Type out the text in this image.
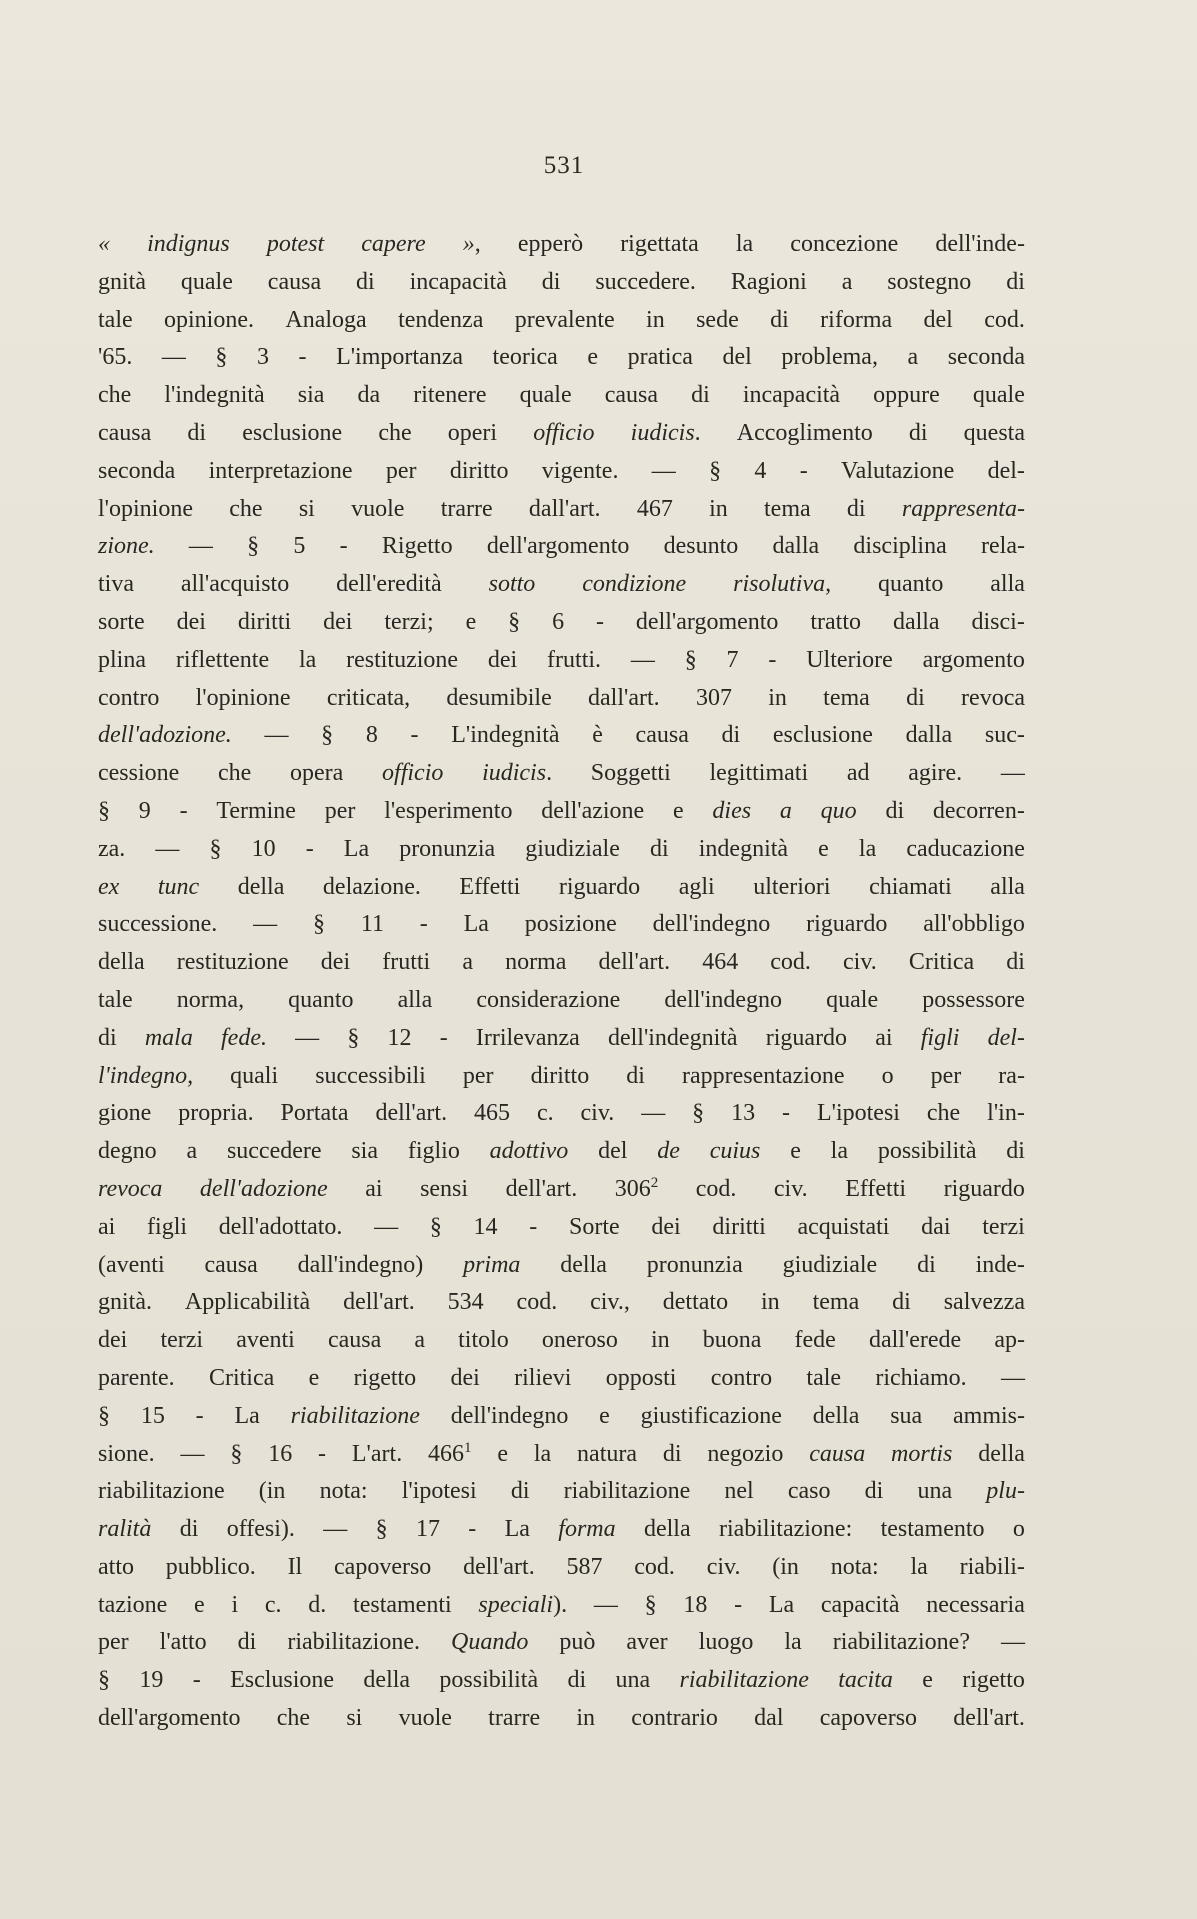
531
« indignus potest capere », epperò rigettata la concezione dell'inde-
gnità quale causa di incapacità di succedere. Ragioni a sostegno di
tale opinione. Analoga tendenza prevalente in sede di riforma del cod.
'65. — § 3 - L'importanza teorica e pratica del problema, a seconda
che l'indegnità sia da ritenere quale causa di incapacità oppure quale
causa di esclusione che operi officio iudicis. Accoglimento di questa
seconda interpretazione per diritto vigente. — § 4 - Valutazione del-
l'opinione che si vuole trarre dall'art. 467 in tema di rappresenta-
zione. — § 5 - Rigetto dell'argomento desunto dalla disciplina rela-
tiva all'acquisto dell'eredità sotto condizione risolutiva, quanto alla
sorte dei diritti dei terzi; e § 6 - dell'argomento tratto dalla disci-
plina riflettente la restituzione dei frutti. — § 7 - Ulteriore argomento
contro l'opinione criticata, desumibile dall'art. 307 in tema di revoca
dell'adozione. — § 8 - L'indegnità è causa di esclusione dalla suc-
cessione che opera officio iudicis. Soggetti legittimati ad agire. —
§ 9 - Termine per l'esperimento dell'azione e dies a quo di decorren-
za. — § 10 - La pronunzia giudiziale di indegnità e la caducazione
ex tunc della delazione. Effetti riguardo agli ulteriori chiamati alla
successione. — § 11 - La posizione dell'indegno riguardo all'obbligo
della restituzione dei frutti a norma dell'art. 464 cod. civ. Critica di
tale norma, quanto alla considerazione dell'indegno quale possessore
di mala fede. — § 12 - Irrilevanza dell'indegnità riguardo ai figli del-
l'indegno, quali successibili per diritto di rappresentazione o per ra-
gione propria. Portata dell'art. 465 c. civ. — § 13 - L'ipotesi che l'in-
degno a succedere sia figlio adottivo del de cuius e la possibilità di
revoca dell'adozione ai sensi dell'art. $306^2$ cod. civ. Effetti riguardo
ai figli dell'adottato. — § 14 - Sorte dei diritti acquistati dai terzi
(aventi causa dall'indegno) prima della pronunzia giudiziale di inde-
gnità. Applicabilità dell'art. 534 cod. civ., dettato in tema di salvezza
dei terzi aventi causa a titolo oneroso in buona fede dall'erede ap-
parente. Critica e rigetto dei rilievi opposti contro tale richiamo. —
§ 15 - La riabilitazione dell'indegno e giustificazione della sua ammis-
sione. — § 16 - L'art. $466^1$ e la natura di negozio causa mortis della
riabilitazione (in nota: l'ipotesi di riabilitazione nel caso di una plu-
ralità di offesi). — § 17 - La forma della riabilitazione: testamento o
atto pubblico. Il capoverso dell'art. 587 cod. civ. (in nota: la riabili-
tazione e i c. d. testamenti speciali). — § 18 - La capacità necessaria
per l'atto di riabilitazione. Quando può aver luogo la riabilitazione? —
§ 19 - Esclusione della possibilità di una riabilitazione tacita e rigetto
dell'argomento che si vuole trarre in contrario dal capoverso dell'art.
